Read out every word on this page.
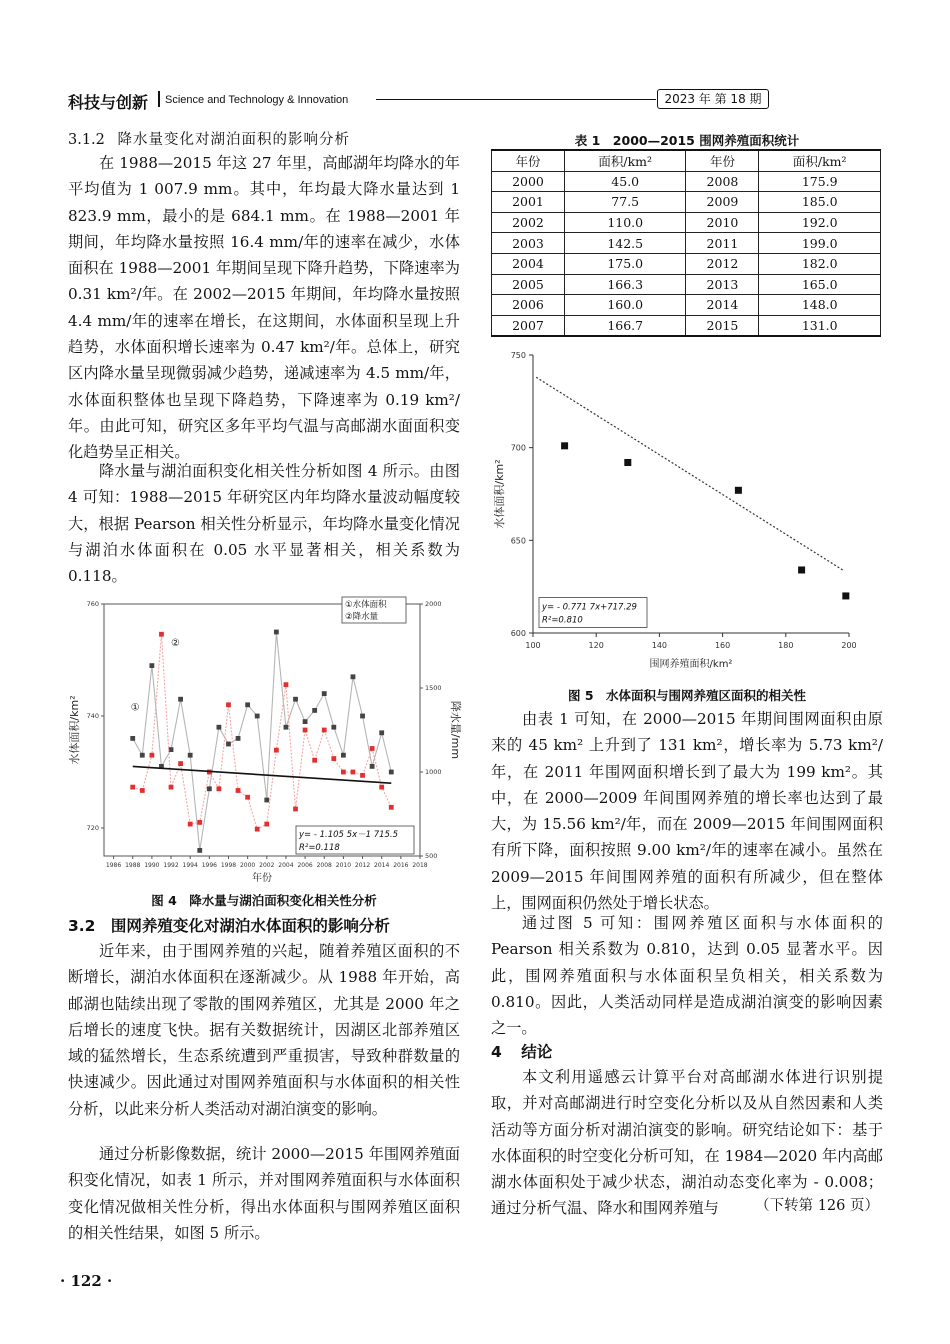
科技与创新 Science and Technology & Innovation	2023 年 第 18 期
3.1.2 降水量变化对湖泊面积的影响分析

在 1988—2015 年这 27 年里，高邮湖年均降水的年平均值为 1 007.9 mm。其中，年均最大降水量达到 1 823.9 mm，最小的是 684.1 mm。在 1988—2001 年期间，年均降水量按照 16.4 mm/年的速率在减少，水体面积在 1988—2001 年期间呈现下降升趋势，下降速率为 0.31 km²/年。在 2002—2015 年期间，年均降水量按照 4.4 mm/年的速率在增长，在这期间，水体面积呈现上升趋势，水体面积增长速率为 0.47 km²/年。总体上，研究区内降水量呈现微弱减少趋势，递减速率为 4.5 mm/年，水体面积整体也呈现下降趋势，下降速率为 0.19 km²/年。由此可知，研究区多年平均气温与高邮湖水面面积变化趋势呈正相关。

降水量与湖泊面积变化相关性分析如图 4 所示。由图 4 可知：1988—2015 年研究区内年均降水量波动幅度较大，根据 Pearson 相关性分析显示，年均降水量变化情况与湖泊水体面积在 0.05 水平显著相关，相关系数为 0.118。

1986 1988 1990 1992 1994 1996 1998 2000 2002 2004 2006 2008 2010 2012 2014 2016 2018
720
740
760
500
1000
1500
2000
年份
水体面积/km²	降水量/mm
①
②
①水体面积
②降水量
y= - 1.105 5x－1 715.5
R²=0.118
图 4　降水量与湖泊面积变化相关性分析
3.2 围网养殖变化对湖泊水体面积的影响分析

近年来，由于围网养殖的兴起，随着养殖区面积的不断增长，湖泊水体面积在逐渐减少。从 1988 年开始，高邮湖也陆续出现了零散的围网养殖区，尤其是 2000 年之后增长的速度飞快。据有关数据统计，因湖区北部养殖区域的猛然增长，生态系统遭到严重损害，导致种群数量的快速减少。因此通过对围网养殖面积与水体面积的相关性分析，以此来分析人类活动对湖泊演变的影响。

通过分析影像数据，统计 2000—2015 年围网养殖面积变化情况，如表 1 所示，并对围网养殖面积与水体面积变化情况做相关性分析，得出水体面积与围网养殖区面积的相关性结果，如图 5 所示。

· 122 ·
表 1　2000—2015 围网养殖面积统计
年份	面积/km²	年份	面积/km²
2000	45.0	2008	175.9
2001	77.5	2009	185.0
2002	110.0	2010	192.0
2003	142.5	2011	199.0
2004	175.0	2012	182.0
2005	166.3	2013	165.0
2006	160.0	2014	148.0
2007	166.7	2015	131.0
100	120	140	160	180	200
600
650
700
750
围网养殖面积/km²
水体面积/km²
y= - 0.771 7x+717.29
R²=0.810
图 5　水体面积与围网养殖区面积的相关性

由表 1 可知，在 2000—2015 年期间围网面积由原来的 45 km² 上升到了 131 km²，增长率为 5.73 km²/年，在 2011 年围网面积增长到了最大为 199 km²。其中，在 2000—2009 年间围网养殖的增长率也达到了最大，为 15.56 km²/年，而在 2009—2015 年间围网面积有所下降，面积按照 9.00 km²/年的速率在减小。虽然在 2009—2015 年间围网养殖的面积有所减少，但在整体上，围网面积仍然处于增长状态。

通过图 5 可知：围网养殖区面积与水体面积的 Pearson 相关系数为 0.810，达到 0.05 显著水平。因此，围网养殖面积与水体面积呈负相关，相关系数为 0.810。因此，人类活动同样是造成湖泊演变的影响因素之一。

4 结论

本文利用遥感云计算平台对高邮湖水体进行识别提取，并对高邮湖进行时空变化分析以及从自然因素和人类活动等方面分析对湖泊演变的影响。研究结论如下：基于水体面积的时空变化分析可知，在 1984—2020 年内高邮湖水体面积处于减少状态，湖泊动态变化率为 - 0.008；通过分析气温、降水和围网养殖与	（下转第 126 页）
